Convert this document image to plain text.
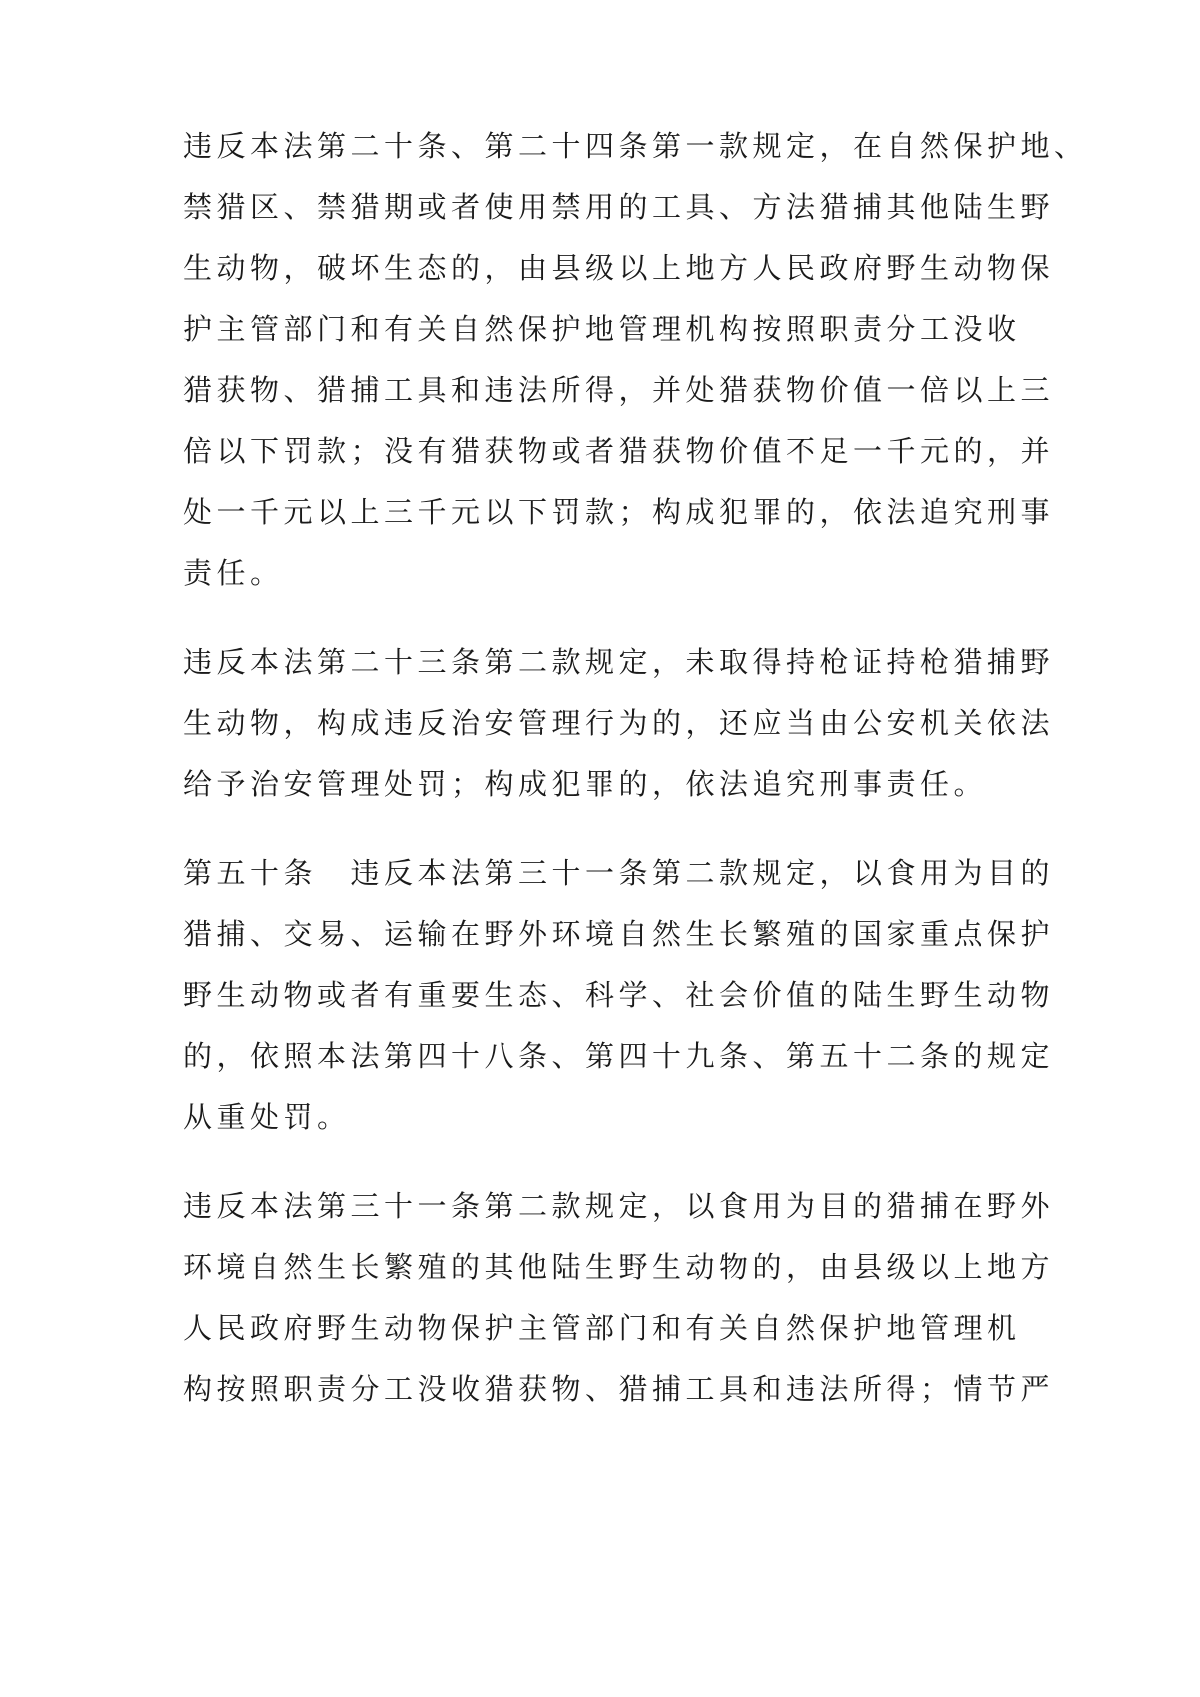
违反本法第二十条、第二十四条第一款规定，在自然保护地、
禁猎区、禁猎期或者使用禁用的工具、方法猎捕其他陆生野
生动物，破坏生态的，由县级以上地方人民政府野生动物保
护主管部门和有关自然保护地管理机构按照职责分工没收
猎获物、猎捕工具和违法所得，并处猎获物价值一倍以上三
倍以下罚款；没有猎获物或者猎获物价值不足一千元的，并
处一千元以上三千元以下罚款；构成犯罪的，依法追究刑事
责任。
违反本法第二十三条第二款规定，未取得持枪证持枪猎捕野
生动物，构成违反治安管理行为的，还应当由公安机关依法
给予治安管理处罚；构成犯罪的，依法追究刑事责任。
第五十条　违反本法第三十一条第二款规定，以食用为目的
猎捕、交易、运输在野外环境自然生长繁殖的国家重点保护
野生动物或者有重要生态、科学、社会价值的陆生野生动物
的，依照本法第四十八条、第四十九条、第五十二条的规定
从重处罚。
违反本法第三十一条第二款规定，以食用为目的猎捕在野外
环境自然生长繁殖的其他陆生野生动物的，由县级以上地方
人民政府野生动物保护主管部门和有关自然保护地管理机
构按照职责分工没收猎获物、猎捕工具和违法所得；情节严
